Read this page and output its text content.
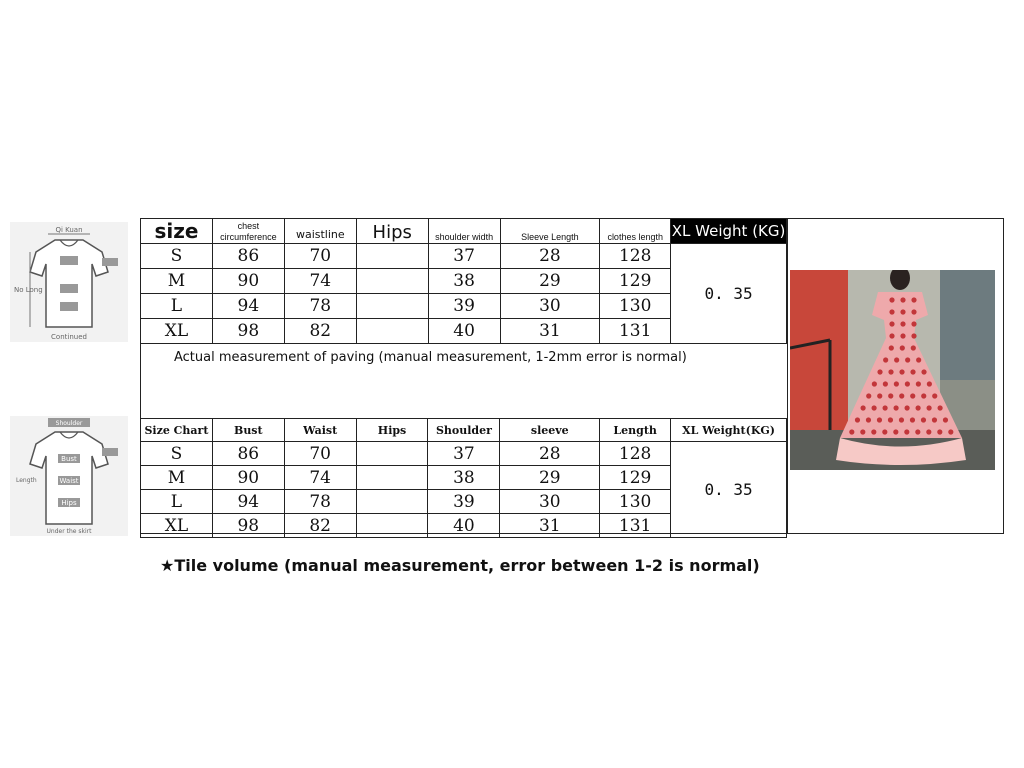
Qi Kuan
No Long
Continued
Shoulder
Bust
Waist
Hips
Length
Under the skirt
size	chest circumference	waistline	Hips	shoulder width	Sleeve Length	clothes length	XL Weight (KG)
S	86	70		37	28	128	0. 35
M	90	74		38	29	129	
L	94	78		39	30	130	
XL	98	82		40	31	131	
Actual measurement of paving (manual measurement, 1-2mm error is normal)
Size Chart	Bust	Waist	Hips	Shoulder	sleeve	Length	XL Weight(KG)
S	86	70		37	28	128	0. 35
M	90	74		38	29	129	
L	94	78		39	30	130	
XL	98	82		40	31	131	
★Tile volume (manual measurement, error between 1-2 is normal)
